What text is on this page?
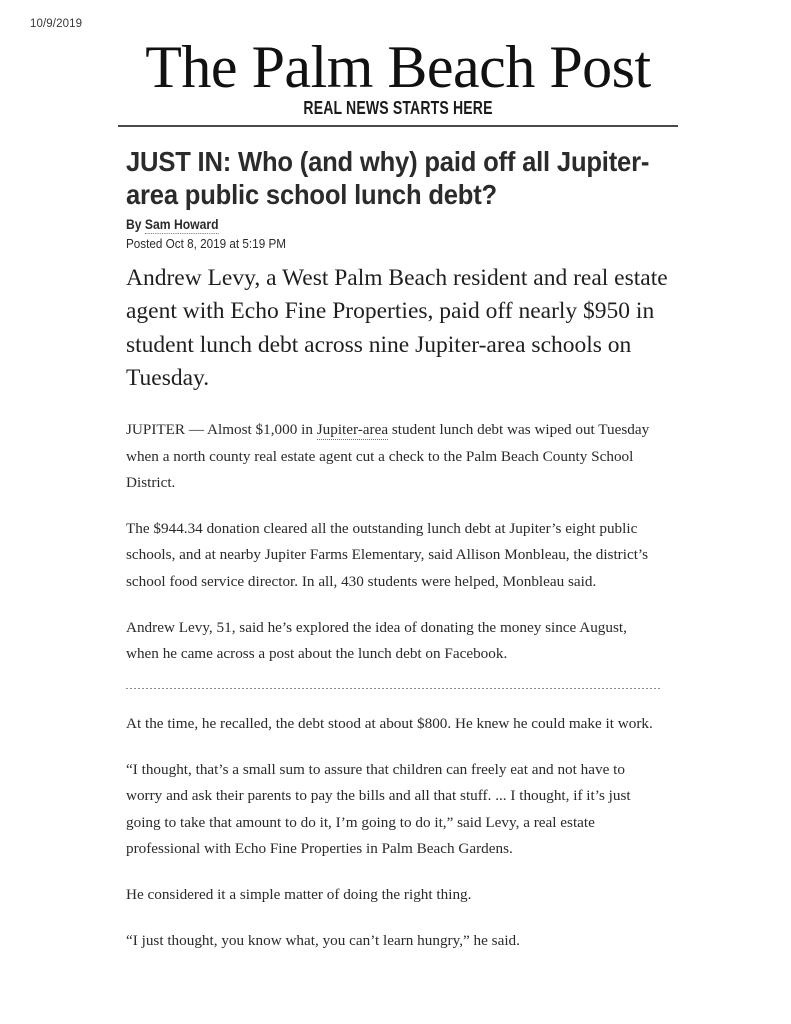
10/9/2019
The Palm Beach Post
REAL NEWS STARTS HERE
JUST IN: Who (and why) paid off all Jupiter-area public school lunch debt?
By Sam Howard
Posted Oct 8, 2019 at 5:19 PM

Andrew Levy, a West Palm Beach resident and real estate agent with Echo Fine Properties, paid off nearly $950 in student lunch debt across nine Jupiter-area schools on Tuesday.

JUPITER — Almost $1,000 in Jupiter-area student lunch debt was wiped out Tuesday when a north county real estate agent cut a check to the Palm Beach County School District.

The $944.34 donation cleared all the outstanding lunch debt at Jupiter’s eight public schools, and at nearby Jupiter Farms Elementary, said Allison Monbleau, the district’s school food service director. In all, 430 students were helped, Monbleau said.

Andrew Levy, 51, said he’s explored the idea of donating the money since August, when he came across a post about the lunch debt on Facebook.

At the time, he recalled, the debt stood at about $800. He knew he could make it work.

“I thought, that’s a small sum to assure that children can freely eat and not have to worry and ask their parents to pay the bills and all that stuff. ... I thought, if it’s just going to take that amount to do it, I’m going to do it,” said Levy, a real estate professional with Echo Fine Properties in Palm Beach Gardens.

He considered it a simple matter of doing the right thing.

“I just thought, you know what, you can’t learn hungry,” he said.
